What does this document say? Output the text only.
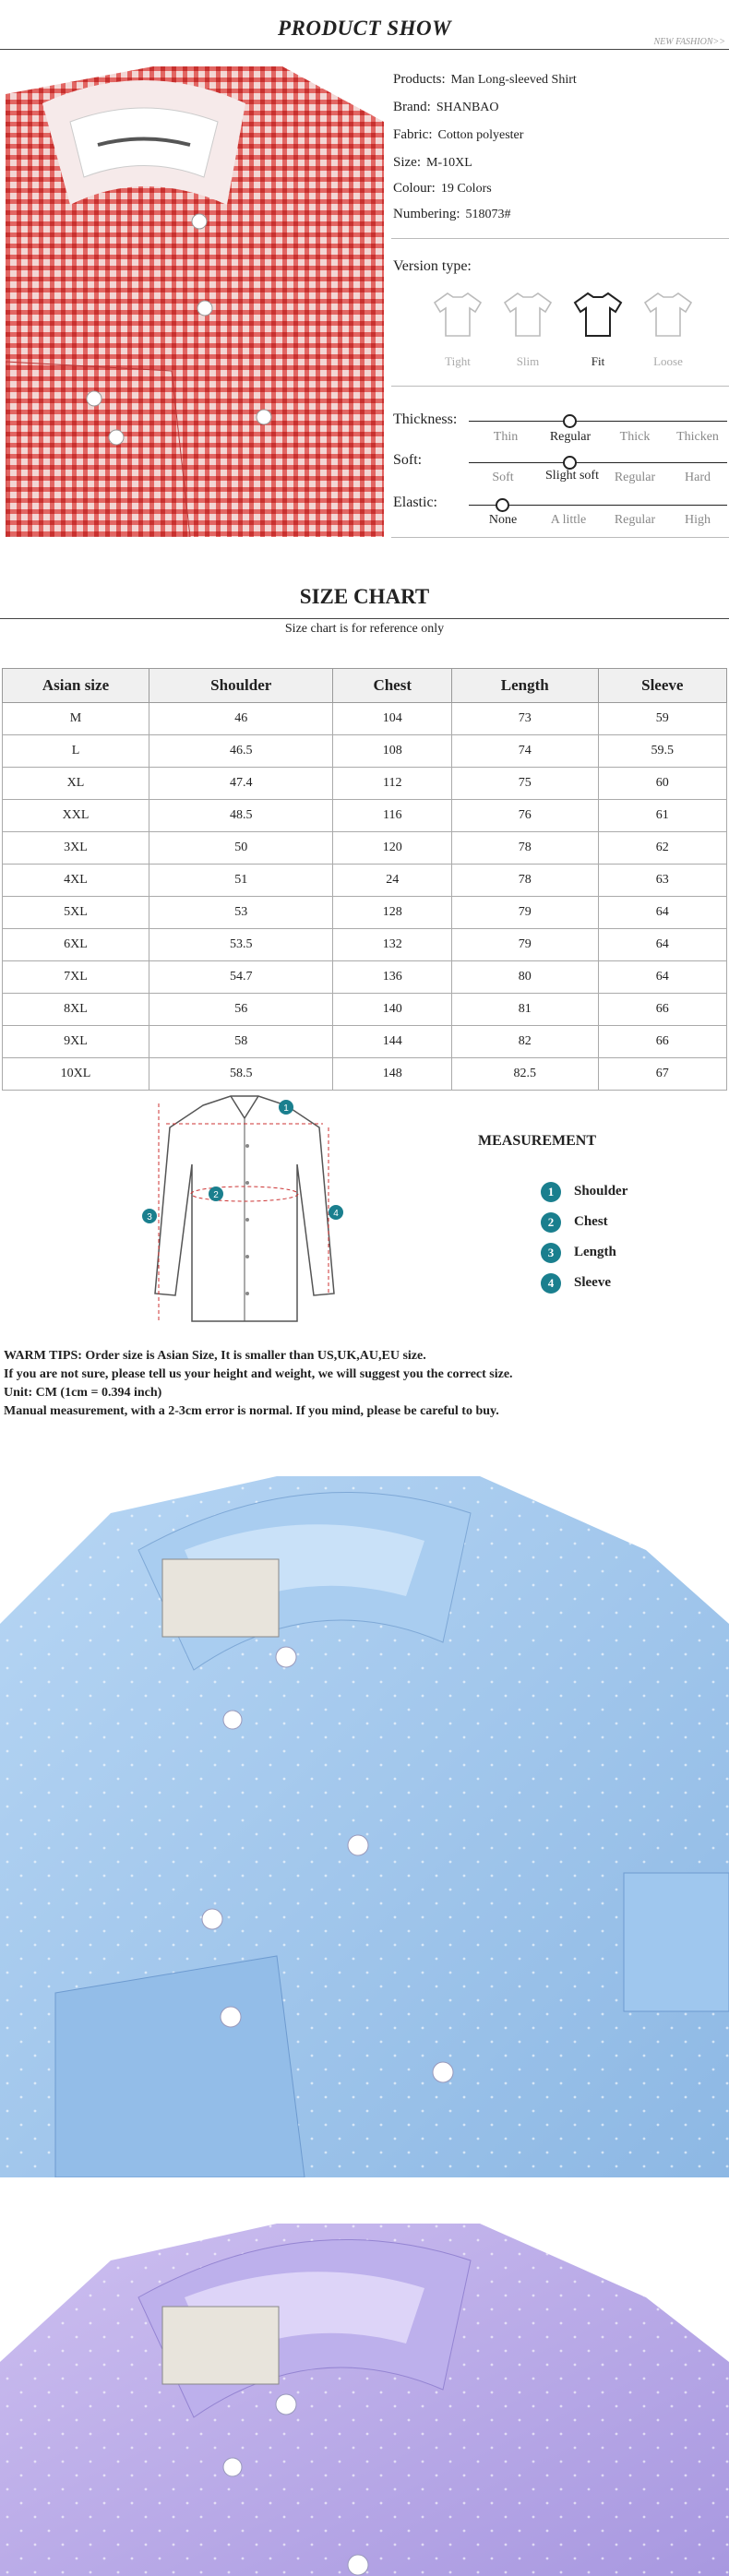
PRODUCT SHOW
NEW FASHION>>
Products: Man Long-sleeved Shirt
Brand: SHANBAO
Fabric: Cotton polyester
Size: M-10XL
Colour: 19 Colors
Numbering: 518073#
Version type:
Tight	Slim	Fit	Loose
Thickness:
Thin	Regular	Thick	Thicken
Soft:
Soft	Slight soft	Regular	Hard
Elastic:
None	A little	Regular	High
SIZE CHART
Size chart is for reference only
Asian size	Shoulder	Chest	Length	Sleeve
M	46	104	73	59
L	46.5	108	74	59.5
XL	47.4	112	75	60
XXL	48.5	116	76	61
3XL	50	120	78	62
4XL	51	24	78	63
5XL	53	128	79	64
6XL	53.5	132	79	64
7XL	54.7	136	80	64
8XL	56	140	81	66
9XL	58	144	82	66
10XL	58.5	148	82.5	67
1
2
3	4
MEASUREMENT
1 Shoulder
2 Chest
3 Length
4 Sleeve
WARM TIPS: Order size is Asian Size, It is smaller than US,UK,AU,EU size.
If you are not sure, please tell us your height and weight, we will suggest you the correct size.
Unit: CM (1cm = 0.394 inch)
Manual measurement, with a 2-3cm error is normal. If you mind, please be careful to buy.
